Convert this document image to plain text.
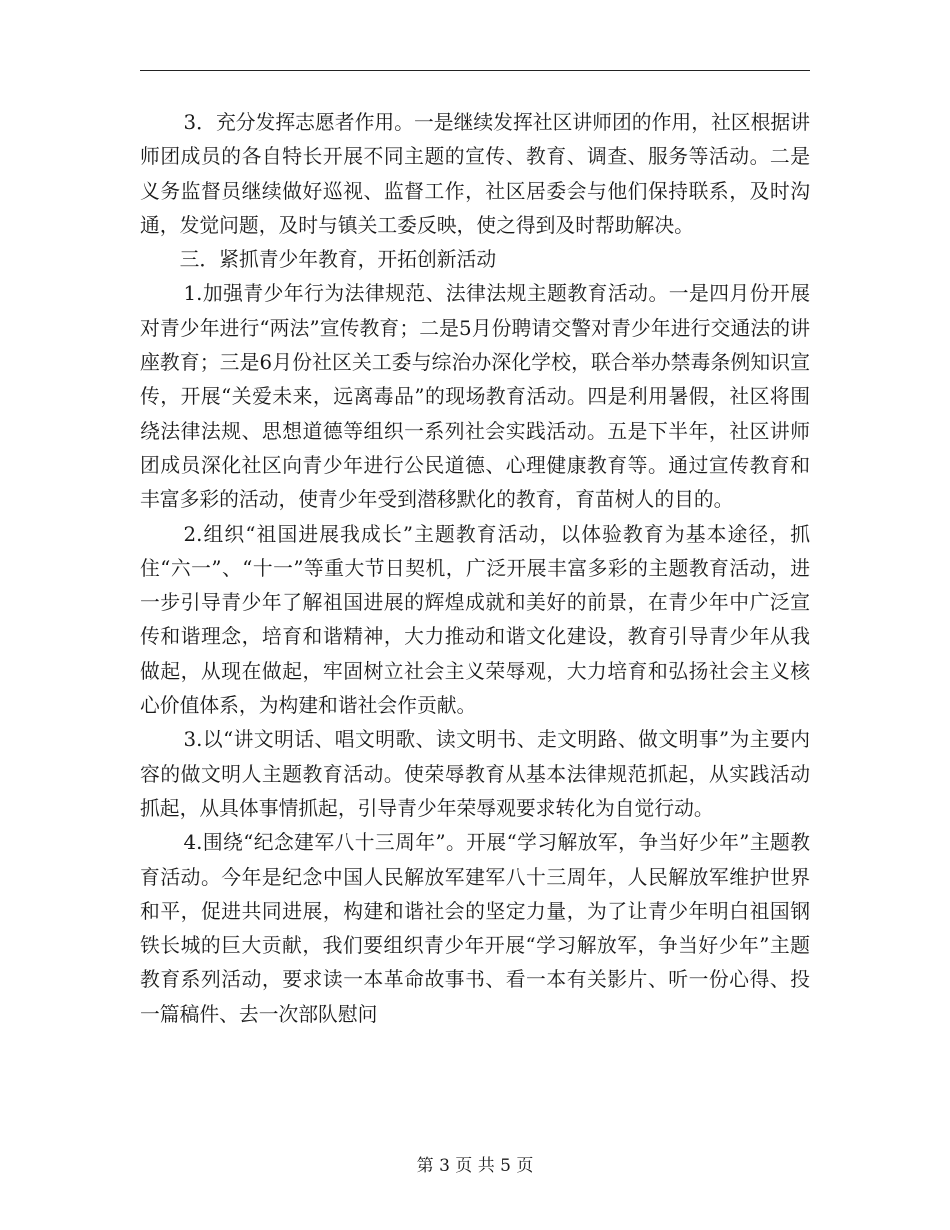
3．充分发挥志愿者作用。一是继续发挥社区讲师团的作用，社区根据讲师团成员的各自特长开展不同主题的宣传、教育、调查、服务等活动。二是义务监督员继续做好巡视、监督工作，社区居委会与他们保持联系，及时沟通，发觉问题，及时与镇关工委反映，使之得到及时帮助解决。

三．紧抓青少年教育，开拓创新活动

1.加强青少年行为法律规范、法律法规主题教育活动。一是四月份开展对青少年进行“两法”宣传教育；二是5月份聘请交警对青少年进行交通法的讲座教育；三是6月份社区关工委与综治办深化学校，联合举办禁毒条例知识宣传，开展“关爱未来，远离毒品”的现场教育活动。四是利用暑假，社区将围绕法律法规、思想道德等组织一系列社会实践活动。五是下半年，社区讲师团成员深化社区向青少年进行公民道德、心理健康教育等。通过宣传教育和丰富多彩的活动，使青少年受到潜移默化的教育，育苗树人的目的。

2.组织“祖国进展我成长”主题教育活动，以体验教育为基本途径，抓住“六一”、“十一”等重大节日契机，广泛开展丰富多彩的主题教育活动，进一步引导青少年了解祖国进展的辉煌成就和美好的前景，在青少年中广泛宣传和谐理念，培育和谐精神，大力推动和谐文化建设，教育引导青少年从我做起，从现在做起，牢固树立社会主义荣辱观，大力培育和弘扬社会主义核心价值体系，为构建和谐社会作贡献。

3.以“讲文明话、唱文明歌、读文明书、走文明路、做文明事”为主要内容的做文明人主题教育活动。使荣辱教育从基本法律规范抓起，从实践活动抓起，从具体事情抓起，引导青少年荣辱观要求转化为自觉行动。

4.围绕“纪念建军八十三周年”。开展“学习解放军，争当好少年”主题教育活动。今年是纪念中国人民解放军建军八十三周年，人民解放军维护世界和平，促进共同进展，构建和谐社会的坚定力量，为了让青少年明白祖国钢铁长城的巨大贡献，我们要组织青少年开展“学习解放军，争当好少年”主题教育系列活动，要求读一本革命故事书、看一本有关影片、听一份心得、投一篇稿件、去一次部队慰问

第 3 页 共 5 页
